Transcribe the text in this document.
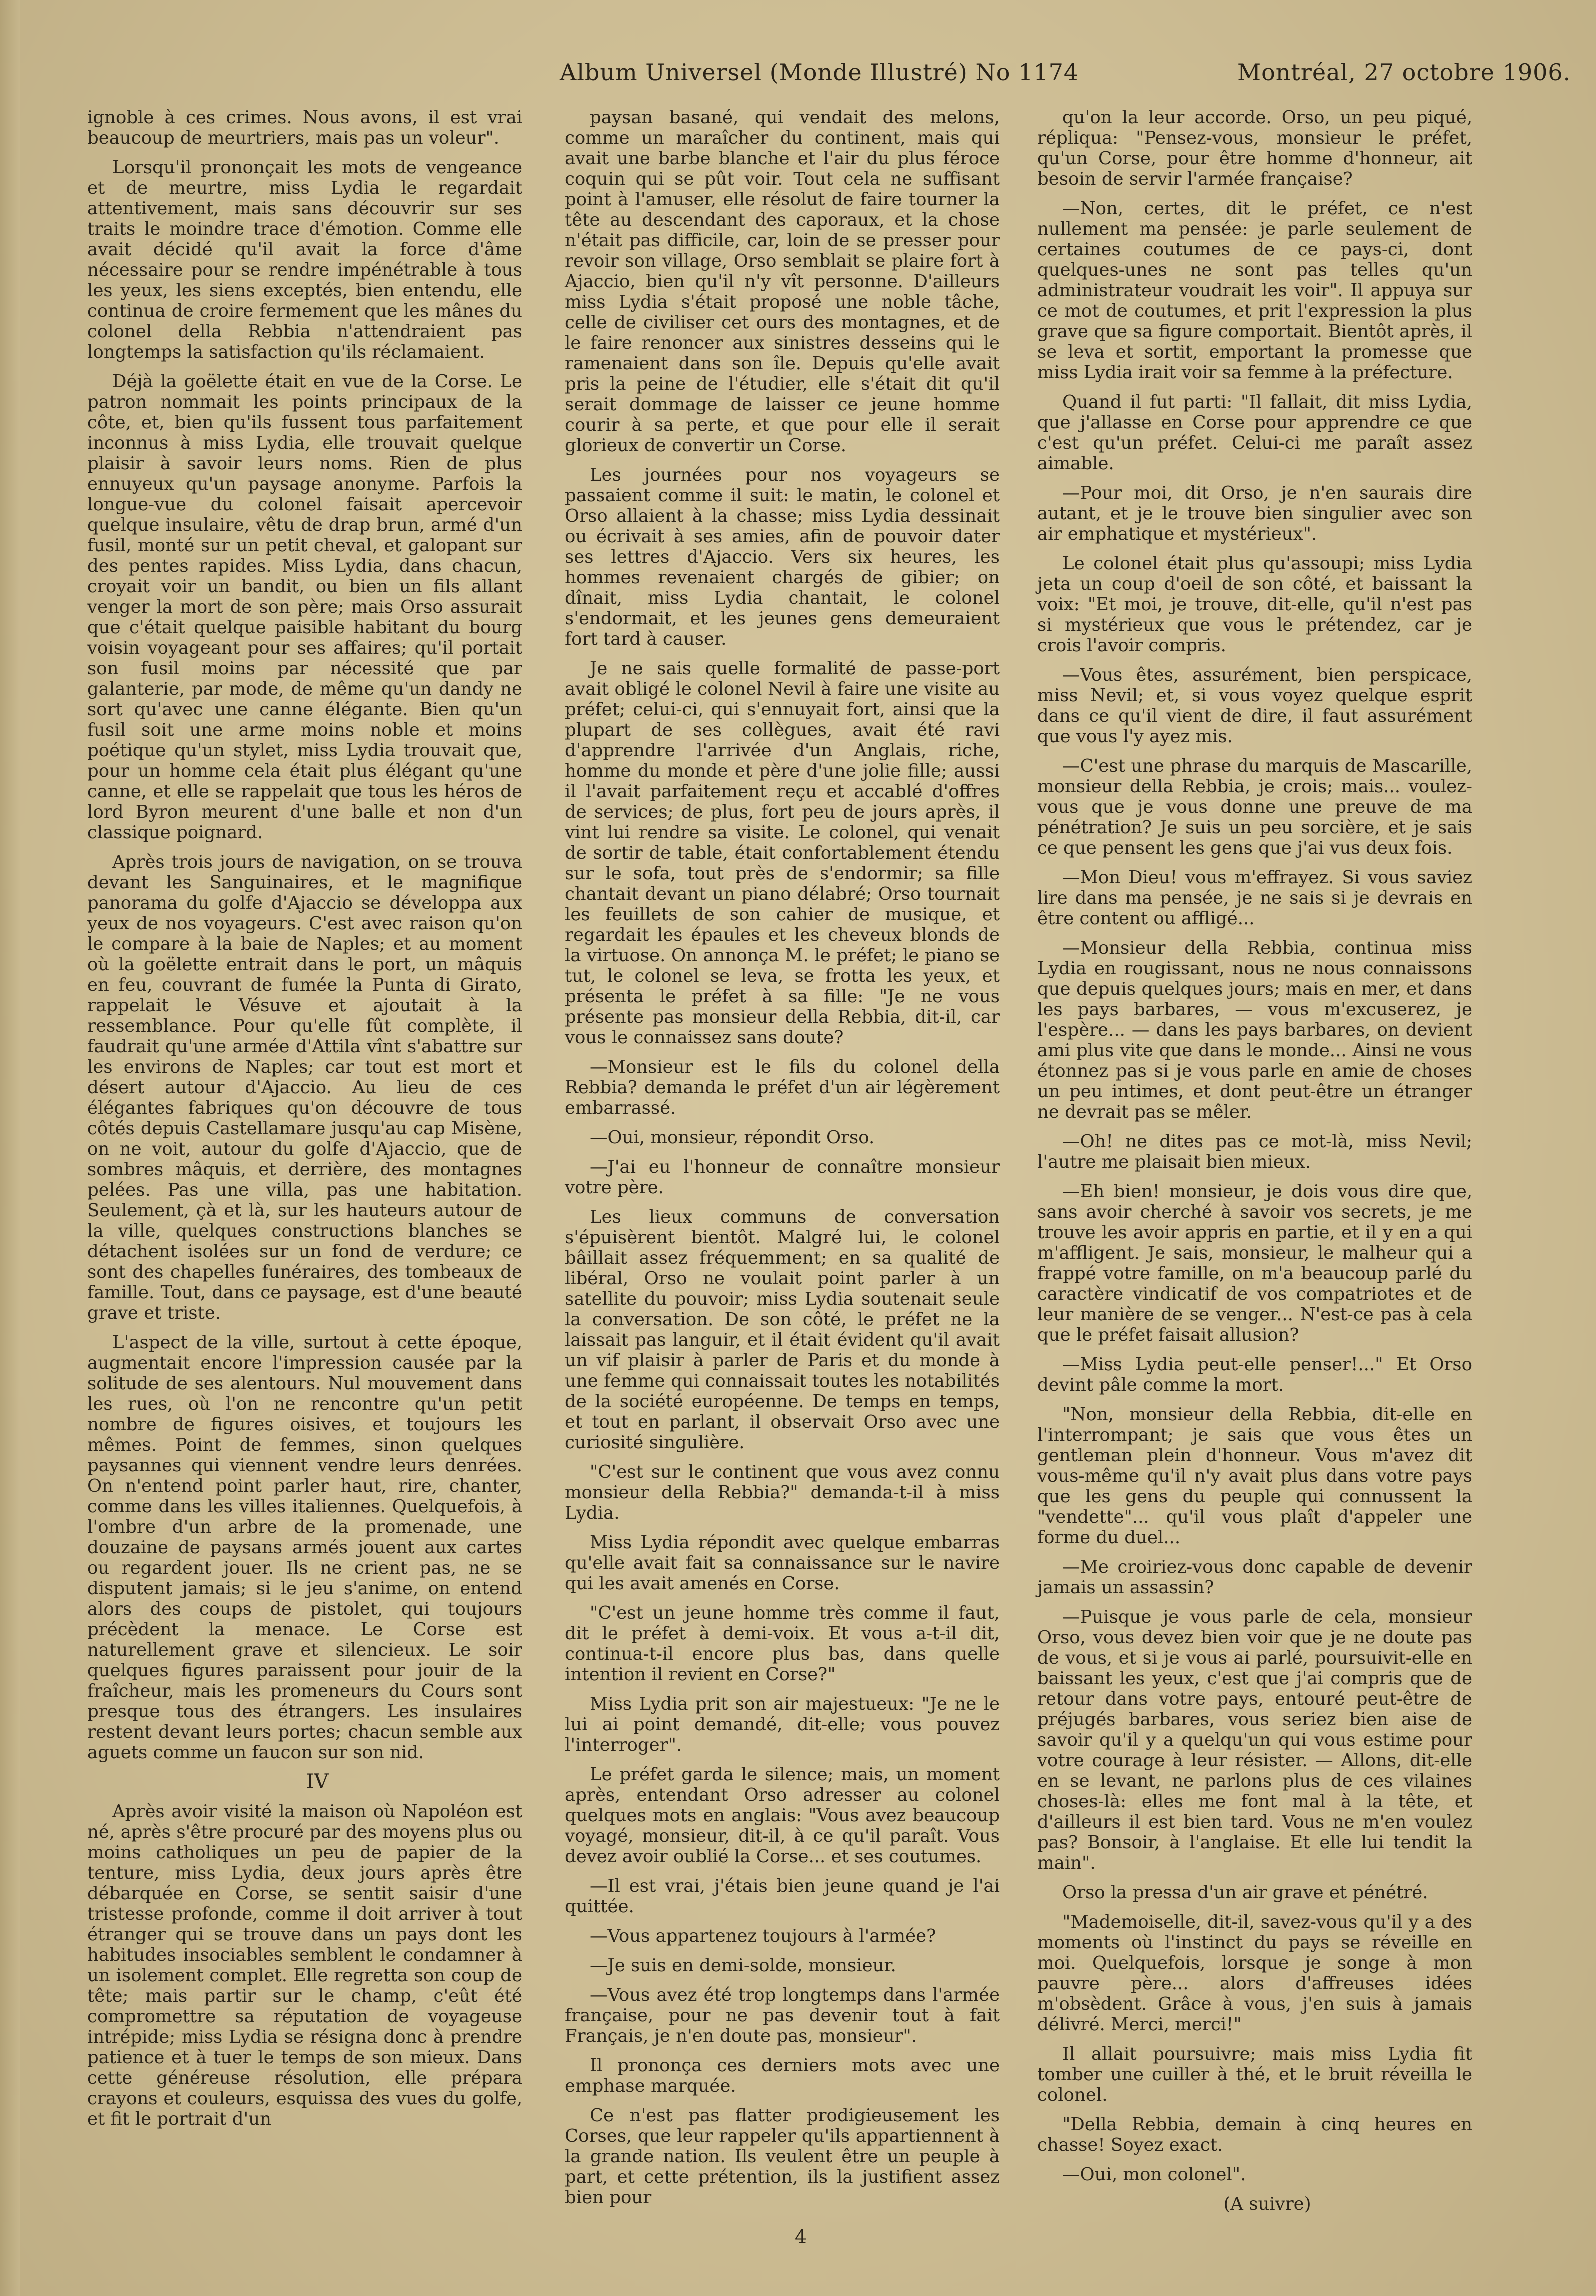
Album Universel (Monde Illustré) No 1174	Montréal, 27 octobre 1906.

ignoble à ces crimes. Nous avons, il est vrai beaucoup de meurtriers, mais pas un voleur".

Lorsqu'il prononçait les mots de vengeance et de meurtre, miss Lydia le regardait attentivement, mais sans découvrir sur ses traits le moindre trace d'émotion. Comme elle avait décidé qu'il avait la force d'âme nécessaire pour se rendre impénétrable à tous les yeux, les siens exceptés, bien entendu, elle continua de croire fermement que les mânes du colonel della Rebbia n'attendraient pas longtemps la satisfaction qu'ils réclamaient.

Déjà la goëlette était en vue de la Corse. Le patron nommait les points principaux de la côte, et, bien qu'ils fussent tous parfaitement inconnus à miss Lydia, elle trouvait quelque plaisir à savoir leurs noms. Rien de plus ennuyeux qu'un paysage anonyme. Parfois la longue-vue du colonel faisait apercevoir quelque insulaire, vêtu de drap brun, armé d'un fusil, monté sur un petit cheval, et galopant sur des pentes rapides. Miss Lydia, dans chacun, croyait voir un bandit, ou bien un fils allant venger la mort de son père; mais Orso assurait que c'était quelque paisible habitant du bourg voisin voyageant pour ses affaires; qu'il portait son fusil moins par nécessité que par galanterie, par mode, de même qu'un dandy ne sort qu'avec une canne élégante. Bien qu'un fusil soit une arme moins noble et moins poétique qu'un stylet, miss Lydia trouvait que, pour un homme cela était plus élégant qu'une canne, et elle se rappelait que tous les héros de lord Byron meurent d'une balle et non d'un classique poignard.

Après trois jours de navigation, on se trouva devant les Sanguinaires, et le magnifique panorama du golfe d'Ajaccio se développa aux yeux de nos voyageurs. C'est avec raison qu'on le compare à la baie de Naples; et au moment où la goëlette entrait dans le port, un mâquis en feu, couvrant de fumée la Punta di Girato, rappelait le Vésuve et ajoutait à la ressemblance. Pour qu'elle fût complète, il faudrait qu'une armée d'Attila vînt s'abattre sur les environs de Naples; car tout est mort et désert autour d'Ajaccio. Au lieu de ces élégantes fabriques qu'on découvre de tous côtés depuis Castellamare jusqu'au cap Misène, on ne voit, autour du golfe d'Ajaccio, que de sombres mâquis, et derrière, des montagnes pelées. Pas une villa, pas une habitation. Seulement, çà et là, sur les hauteurs autour de la ville, quelques constructions blanches se détachent isolées sur un fond de verdure; ce sont des chapelles funéraires, des tombeaux de famille. Tout, dans ce paysage, est d'une beauté grave et triste.

L'aspect de la ville, surtout à cette époque, augmentait encore l'impression causée par la solitude de ses alentours. Nul mouvement dans les rues, où l'on ne rencontre qu'un petit nombre de figures oisives, et toujours les mêmes. Point de femmes, sinon quelques paysannes qui viennent vendre leurs denrées. On n'entend point parler haut, rire, chanter, comme dans les villes italiennes. Quelquefois, à l'ombre d'un arbre de la promenade, une douzaine de paysans armés jouent aux cartes ou regardent jouer. Ils ne crient pas, ne se disputent jamais; si le jeu s'anime, on entend alors des coups de pistolet, qui toujours précèdent la menace. Le Corse est naturellement grave et silencieux. Le soir quelques figures paraissent pour jouir de la fraîcheur, mais les promeneurs du Cours sont presque tous des étrangers. Les insulaires restent devant leurs portes; chacun semble aux aguets comme un faucon sur son nid.

IV

Après avoir visité la maison où Napoléon est né, après s'être procuré par des moyens plus ou moins catholiques un peu de papier de la tenture, miss Lydia, deux jours après être débarquée en Corse, se sentit saisir d'une tristesse profonde, comme il doit arriver à tout étranger qui se trouve dans un pays dont les habitudes insociables semblent le condamner à un isolement complet. Elle regretta son coup de tête; mais partir sur le champ, c'eût été compromettre sa réputation de voyageuse intrépide; miss Lydia se résigna donc à prendre patience et à tuer le temps de son mieux. Dans cette généreuse résolution, elle prépara crayons et couleurs, esquissa des vues du golfe, et fit le portrait d'un

paysan basané, qui vendait des melons, comme un maraîcher du continent, mais qui avait une barbe blanche et l'air du plus féroce coquin qui se pût voir. Tout cela ne suffisant point à l'amuser, elle résolut de faire tourner la tête au descendant des caporaux, et la chose n'était pas difficile, car, loin de se presser pour revoir son village, Orso semblait se plaire fort à Ajaccio, bien qu'il n'y vît personne. D'ailleurs miss Lydia s'était proposé une noble tâche, celle de civiliser cet ours des montagnes, et de le faire renoncer aux sinistres desseins qui le ramenaient dans son île. Depuis qu'elle avait pris la peine de l'étudier, elle s'était dit qu'il serait dommage de laisser ce jeune homme courir à sa perte, et que pour elle il serait glorieux de convertir un Corse.

Les journées pour nos voyageurs se passaient comme il suit: le matin, le colonel et Orso allaient à la chasse; miss Lydia dessinait ou écrivait à ses amies, afin de pouvoir dater ses lettres d'Ajaccio. Vers six heures, les hommes revenaient chargés de gibier; on dînait, miss Lydia chantait, le colonel s'endormait, et les jeunes gens demeuraient fort tard à causer.

Je ne sais quelle formalité de passe-port avait obligé le colonel Nevil à faire une visite au préfet; celui-ci, qui s'ennuyait fort, ainsi que la plupart de ses collègues, avait été ravi d'apprendre l'arrivée d'un Anglais, riche, homme du monde et père d'une jolie fille; aussi il l'avait parfaitement reçu et accablé d'offres de services; de plus, fort peu de jours après, il vint lui rendre sa visite. Le colonel, qui venait de sortir de table, était confortablement étendu sur le sofa, tout près de s'endormir; sa fille chantait devant un piano délabré; Orso tournait les feuillets de son cahier de musique, et regardait les épaules et les cheveux blonds de la virtuose. On annonça M. le préfet; le piano se tut, le colonel se leva, se frotta les yeux, et présenta le préfet à sa fille: "Je ne vous présente pas monsieur della Rebbia, dit-il, car vous le connaissez sans doute?

—Monsieur est le fils du colonel della Rebbia? demanda le préfet d'un air légèrement embarrassé.

—Oui, monsieur, répondit Orso.

—J'ai eu l'honneur de connaître monsieur votre père.

Les lieux communs de conversation s'épuisèrent bientôt. Malgré lui, le colonel bâillait assez fréquemment; en sa qualité de libéral, Orso ne voulait point parler à un satellite du pouvoir; miss Lydia soutenait seule la conversation. De son côté, le préfet ne la laissait pas languir, et il était évident qu'il avait un vif plaisir à parler de Paris et du monde à une femme qui connaissait toutes les notabilités de la société européenne. De temps en temps, et tout en parlant, il observait Orso avec une curiosité singulière.

"C'est sur le continent que vous avez connu monsieur della Rebbia?" demanda-t-il à miss Lydia.

Miss Lydia répondit avec quelque embarras qu'elle avait fait sa connaissance sur le navire qui les avait amenés en Corse.

"C'est un jeune homme très comme il faut, dit le préfet à demi-voix. Et vous a-t-il dit, continua-t-il encore plus bas, dans quelle intention il revient en Corse?"

Miss Lydia prit son air majestueux: "Je ne le lui ai point demandé, dit-elle; vous pouvez l'interroger".

Le préfet garda le silence; mais, un moment après, entendant Orso adresser au colonel quelques mots en anglais: "Vous avez beaucoup voyagé, monsieur, dit-il, à ce qu'il paraît. Vous devez avoir oublié la Corse... et ses coutumes.

—Il est vrai, j'étais bien jeune quand je l'ai quittée.

—Vous appartenez toujours à l'armée?

—Je suis en demi-solde, monsieur.

—Vous avez été trop longtemps dans l'armée française, pour ne pas devenir tout à fait Français, je n'en doute pas, monsieur".

Il prononça ces derniers mots avec une emphase marquée.

Ce n'est pas flatter prodigieusement les Corses, que leur rappeler qu'ils appartiennent à la grande nation. Ils veulent être un peuple à part, et cette prétention, ils la justifient assez bien pour

qu'on la leur accorde. Orso, un peu piqué, répliqua: "Pensez-vous, monsieur le préfet, qu'un Corse, pour être homme d'honneur, ait besoin de servir l'armée française?

—Non, certes, dit le préfet, ce n'est nullement ma pensée: je parle seulement de certaines coutumes de ce pays-ci, dont quelques-unes ne sont pas telles qu'un administrateur voudrait les voir". Il appuya sur ce mot de coutumes, et prit l'expression la plus grave que sa figure comportait. Bientôt après, il se leva et sortit, emportant la promesse que miss Lydia irait voir sa femme à la préfecture.

Quand il fut parti: "Il fallait, dit miss Lydia, que j'allasse en Corse pour apprendre ce que c'est qu'un préfet. Celui-ci me paraît assez aimable.

—Pour moi, dit Orso, je n'en saurais dire autant, et je le trouve bien singulier avec son air emphatique et mystérieux".

Le colonel était plus qu'assoupi; miss Lydia jeta un coup d'oeil de son côté, et baissant la voix: "Et moi, je trouve, dit-elle, qu'il n'est pas si mystérieux que vous le prétendez, car je crois l'avoir compris.

—Vous êtes, assurément, bien perspicace, miss Nevil; et, si vous voyez quelque esprit dans ce qu'il vient de dire, il faut assurément que vous l'y ayez mis.

—C'est une phrase du marquis de Mascarille, monsieur della Rebbia, je crois; mais... voulez-vous que je vous donne une preuve de ma pénétration? Je suis un peu sorcière, et je sais ce que pensent les gens que j'ai vus deux fois.

—Mon Dieu! vous m'effrayez. Si vous saviez lire dans ma pensée, je ne sais si je devrais en être content ou affligé...

—Monsieur della Rebbia, continua miss Lydia en rougissant, nous ne nous connaissons que depuis quelques jours; mais en mer, et dans les pays barbares, — vous m'excuserez, je l'espère... — dans les pays barbares, on devient ami plus vite que dans le monde... Ainsi ne vous étonnez pas si je vous parle en amie de choses un peu intimes, et dont peut-être un étranger ne devrait pas se mêler.

—Oh! ne dites pas ce mot-là, miss Nevil; l'autre me plaisait bien mieux.

—Eh bien! monsieur, je dois vous dire que, sans avoir cherché à savoir vos secrets, je me trouve les avoir appris en partie, et il y en a qui m'affligent. Je sais, monsieur, le malheur qui a frappé votre famille, on m'a beaucoup parlé du caractère vindicatif de vos compatriotes et de leur manière de se venger... N'est-ce pas à cela que le préfet faisait allusion?

—Miss Lydia peut-elle penser!..." Et Orso devint pâle comme la mort.

"Non, monsieur della Rebbia, dit-elle en l'interrompant; je sais que vous êtes un gentleman plein d'honneur. Vous m'avez dit vous-même qu'il n'y avait plus dans votre pays que les gens du peuple qui connussent la "vendette"... qu'il vous plaît d'appeler une forme du duel...

—Me croiriez-vous donc capable de devenir jamais un assassin?

—Puisque je vous parle de cela, monsieur Orso, vous devez bien voir que je ne doute pas de vous, et si je vous ai parlé, poursuivit-elle en baissant les yeux, c'est que j'ai compris que de retour dans votre pays, entouré peut-être de préjugés barbares, vous seriez bien aise de savoir qu'il y a quelqu'un qui vous estime pour votre courage à leur résister. — Allons, dit-elle en se levant, ne parlons plus de ces vilaines choses-là: elles me font mal à la tête, et d'ailleurs il est bien tard. Vous ne m'en voulez pas? Bonsoir, à l'anglaise. Et elle lui tendit la main".

Orso la pressa d'un air grave et pénétré.

"Mademoiselle, dit-il, savez-vous qu'il y a des moments où l'instinct du pays se réveille en moi. Quelquefois, lorsque je songe à mon pauvre père... alors d'affreuses idées m'obsèdent. Grâce à vous, j'en suis à jamais délivré. Merci, merci!"

Il allait poursuivre; mais miss Lydia fit tomber une cuiller à thé, et le bruit réveilla le colonel.

"Della Rebbia, demain à cinq heures en chasse! Soyez exact.

—Oui, mon colonel".

(A suivre)

4
